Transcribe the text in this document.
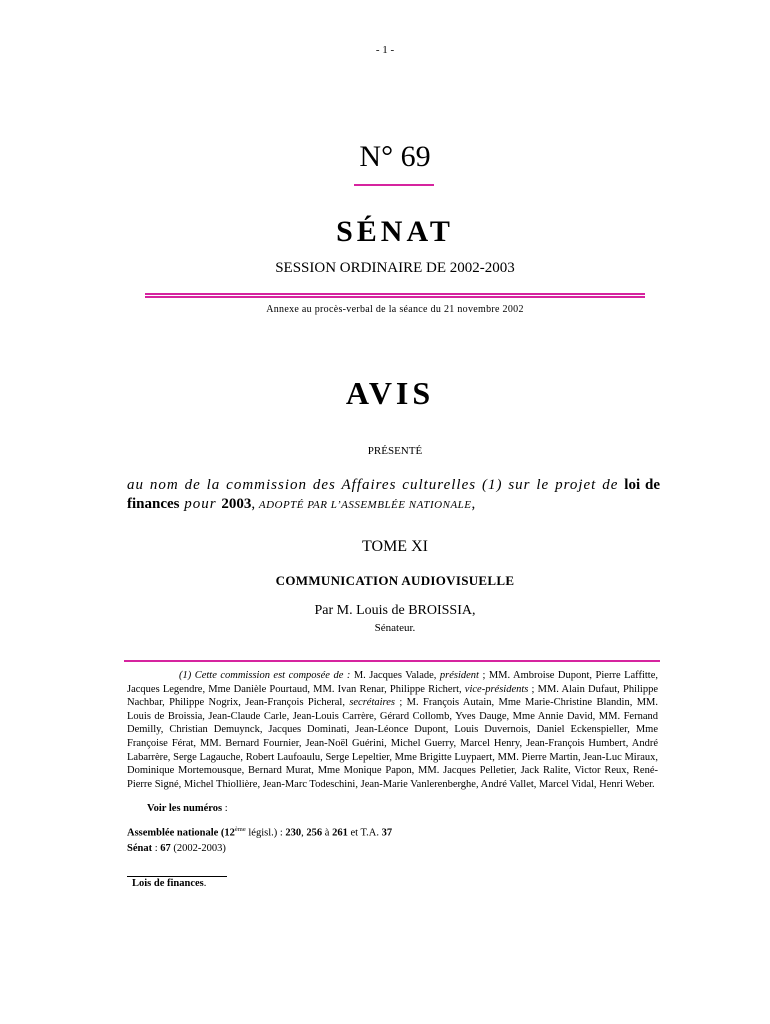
- 1 -
N° 69
SÉNAT
SESSION ORDINAIRE DE 2002-2003
Annexe au procès-verbal de la séance du 21 novembre 2002
AVIS
PRÉSENTÉ
au nom de la commission des Affaires culturelles (1) sur le projet de loi de finances pour 2003, ADOPTÉ PAR L’ASSEMBLÉE NATIONALE,
TOME XI
COMMUNICATION AUDIOVISUELLE
Par M. Louis de BROISSIA,
Sénateur.
(1) Cette commission est composée de : M. Jacques Valade, président ; MM. Ambroise Dupont, Pierre Laffitte, Jacques Legendre, Mme Danièle Pourtaud, MM. Ivan Renar, Philippe Richert, vice-présidents ; MM. Alain Dufaut, Philippe Nachbar, Philippe Nogrix, Jean-François Picheral, secrétaires ; M. François Autain, Mme Marie-Christine Blandin, MM. Louis de Broissia, Jean-Claude Carle, Jean-Louis Carrère, Gérard Collomb, Yves Dauge, Mme Annie David, MM. Fernand Demilly, Christian Demuynck, Jacques Dominati, Jean-Léonce Dupont, Louis Duvernois, Daniel Eckenspieller, Mme Françoise Férat, MM. Bernard Fournier, Jean-Noël Guérini, Michel Guerry, Marcel Henry, Jean-François Humbert, André Labarrère, Serge Lagauche, Robert Laufoaulu, Serge Lepeltier, Mme Brigitte Luypaert, MM. Pierre Martin, Jean-Luc Miraux, Dominique Mortemousque, Bernard Murat, Mme Monique Papon, MM. Jacques Pelletier, Jack Ralite, Victor Reux, René-Pierre Signé, Michel Thiollière, Jean-Marc Todeschini, Jean-Marie Vanlerenberghe, André Vallet, Marcel Vidal, Henri Weber.
Voir les numéros :
Assemblée nationale (12ème législ.) : 230, 256 à 261 et T.A. 37
Sénat : 67 (2002-2003)
Lois de finances.
